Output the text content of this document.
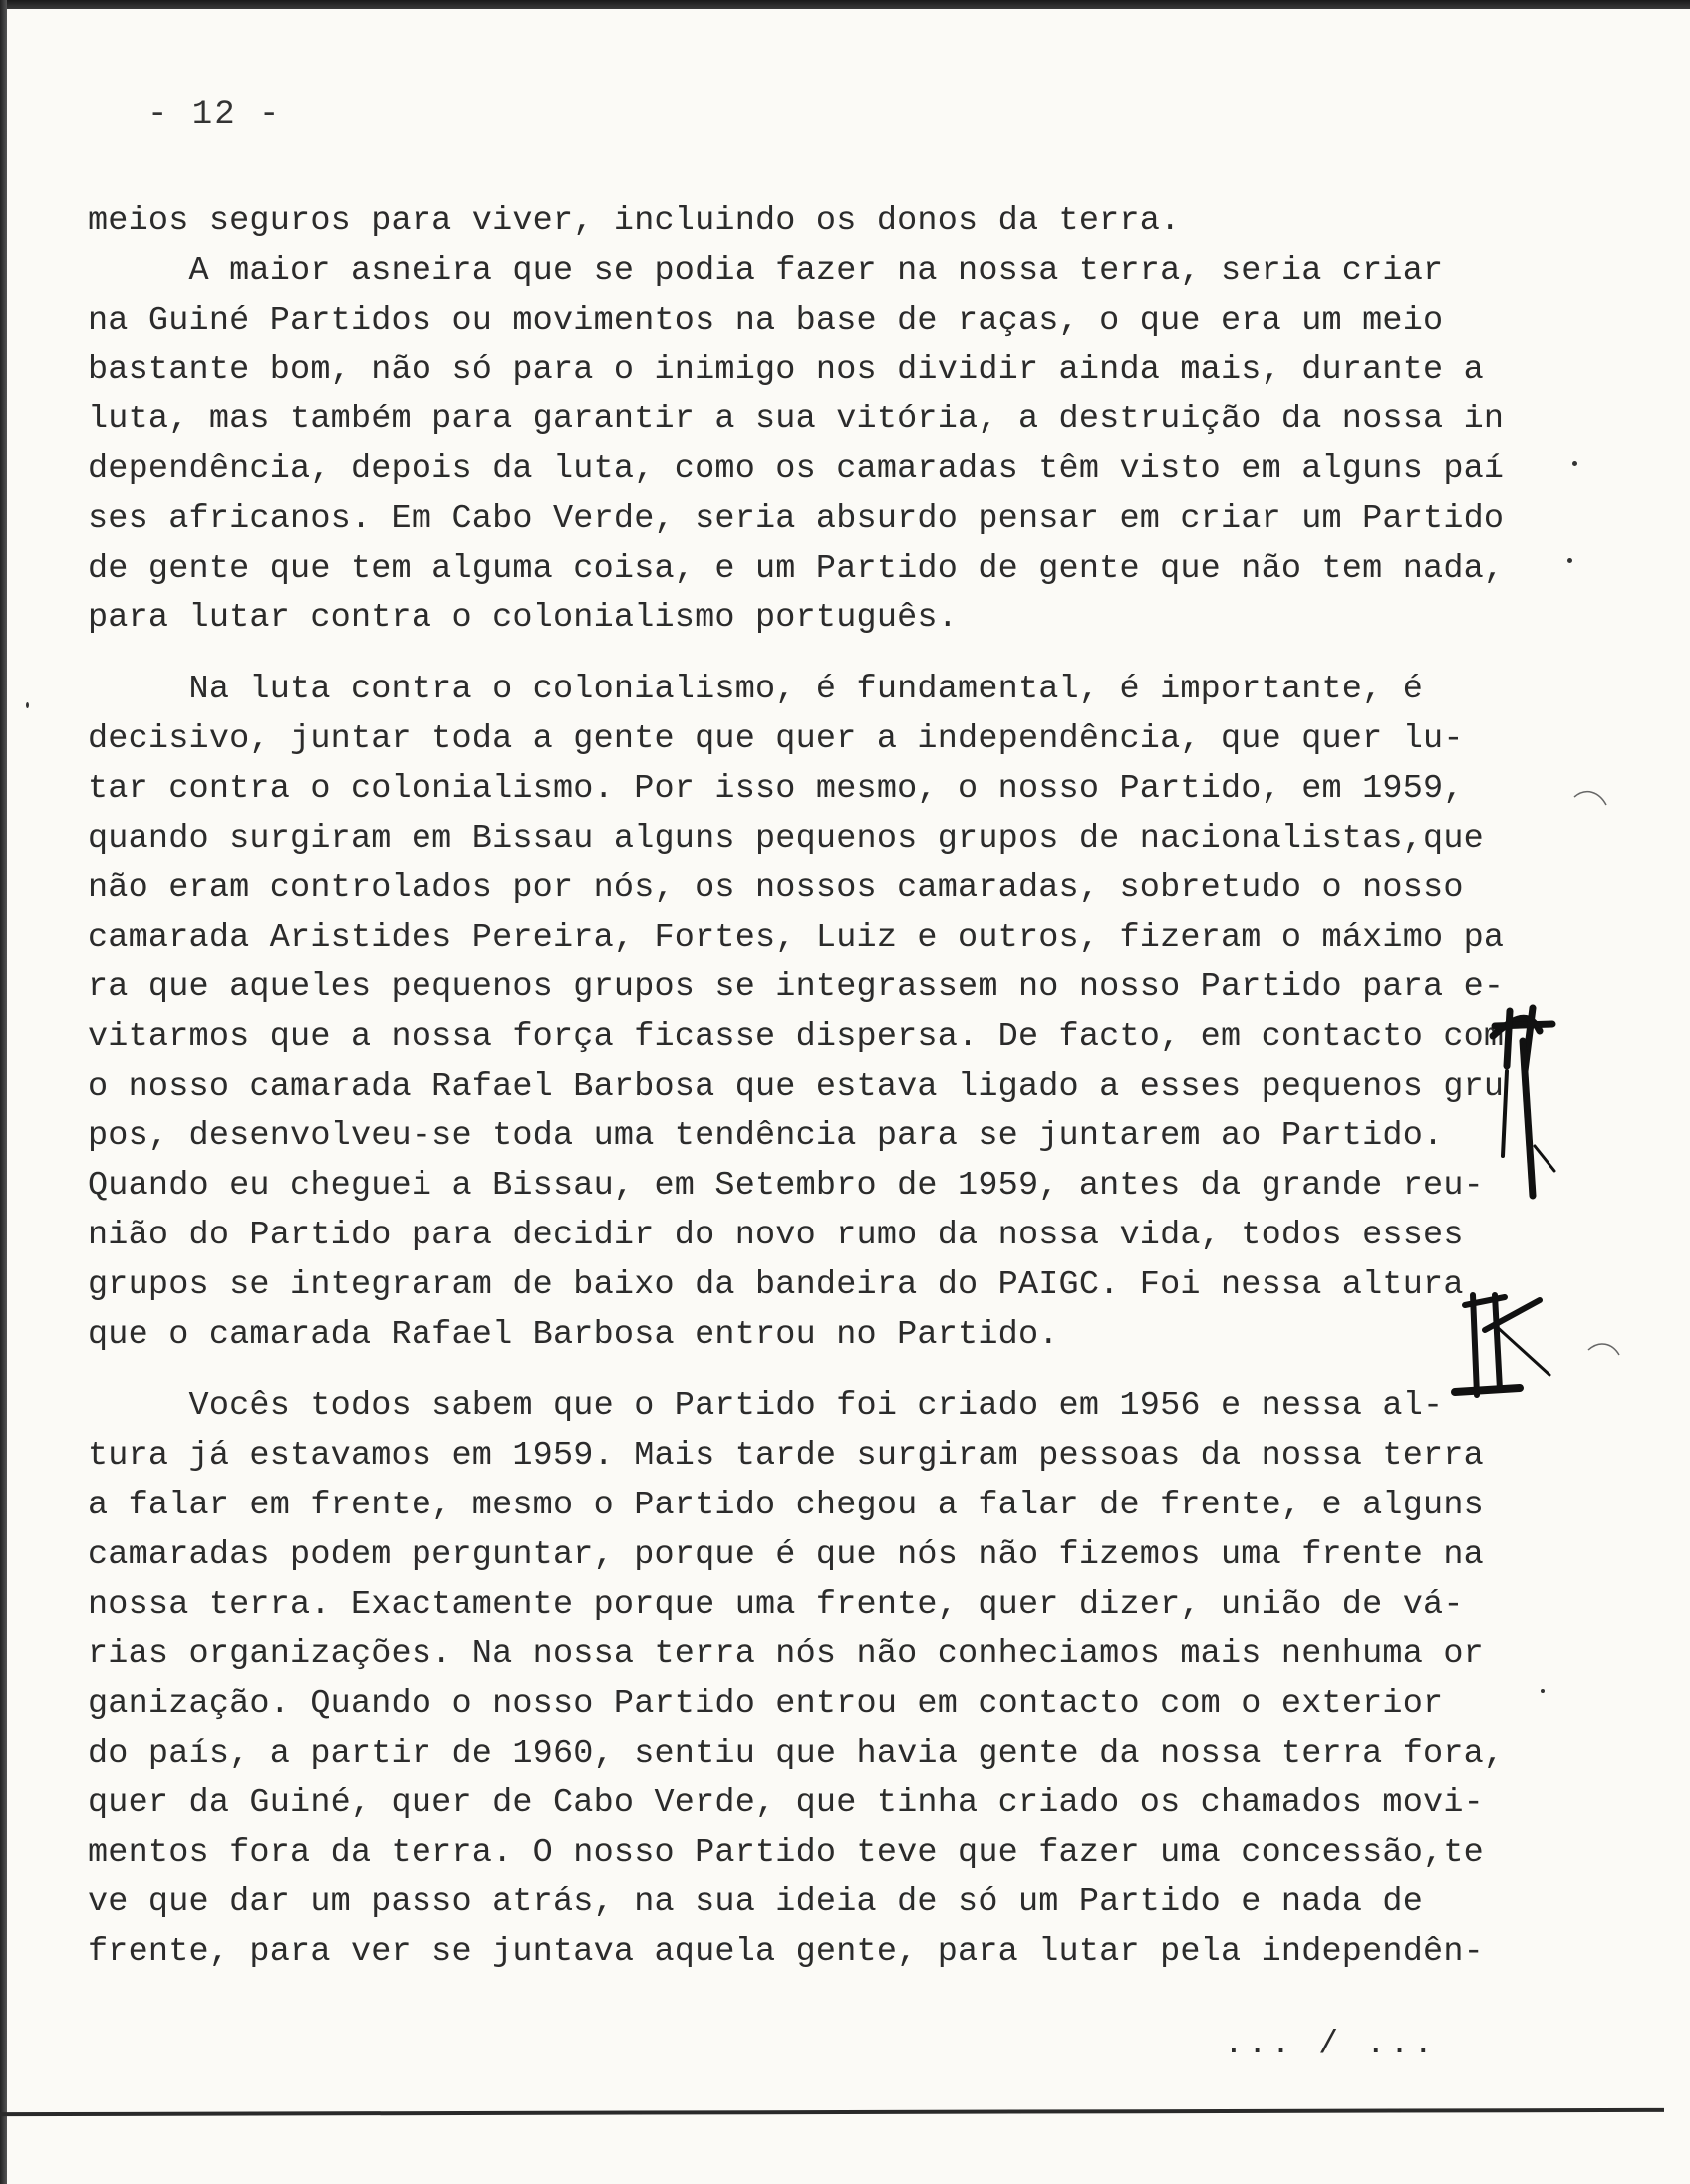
- 12 -
meios seguros para viver, incluindo os donos da terra.
A maior asneira que se podia fazer na nossa terra, seria criar
na Guiné Partidos ou movimentos na base de raças, o que era um meio
bastante bom, não só para o inimigo nos dividir ainda mais, durante a
luta, mas também para garantir a sua vitória, a destruição da nossa in
dependência, depois da luta, como os camaradas têm visto em alguns paí
ses africanos. Em Cabo Verde, seria absurdo pensar em criar um Partido
de gente que tem alguma coisa, e um Partido de gente que não tem nada,
para lutar contra o colonialismo português.
Na luta contra o colonialismo, é fundamental, é importante, é
decisivo, juntar toda a gente que quer a independência, que quer lu-
tar contra o colonialismo. Por isso mesmo, o nosso Partido, em 1959,
quando surgiram em Bissau alguns pequenos grupos de nacionalistas,que
não eram controlados por nós, os nossos camaradas, sobretudo o nosso
camarada Aristides Pereira, Fortes, Luiz e outros, fizeram o máximo pa
ra que aqueles pequenos grupos se integrassem no nosso Partido para e-
vitarmos que a nossa força ficasse dispersa. De facto, em contacto com
o nosso camarada Rafael Barbosa que estava ligado a esses pequenos gru
pos, desenvolveu-se toda uma tendência para se juntarem ao Partido.
Quando eu cheguei a Bissau, em Setembro de 1959, antes da grande reu-
nião do Partido para decidir do novo rumo da nossa vida, todos esses
grupos se integraram de baixo da bandeira do PAIGC. Foi nessa altura
que o camarada Rafael Barbosa entrou no Partido.
Vocês todos sabem que o Partido foi criado em 1956 e nessa al-
tura já estavamos em 1959. Mais tarde surgiram pessoas da nossa terra
a falar em frente, mesmo o Partido chegou a falar de frente, e alguns
camaradas podem perguntar, porque é que nós não fizemos uma frente na
nossa terra. Exactamente porque uma frente, quer dizer, união de vá-
rias organizações. Na nossa terra nós não conheciamos mais nenhuma or
ganização. Quando o nosso Partido entrou em contacto com o exterior
do país, a partir de 1960, sentiu que havia gente da nossa terra fora,
quer da Guiné, quer de Cabo Verde, que tinha criado os chamados movi-
mentos fora da terra. O nosso Partido teve que fazer uma concessão,te
ve que dar um passo atrás, na sua ideia de só um Partido e nada de
frente, para ver se juntava aquela gente, para lutar pela independên-
... / ...
